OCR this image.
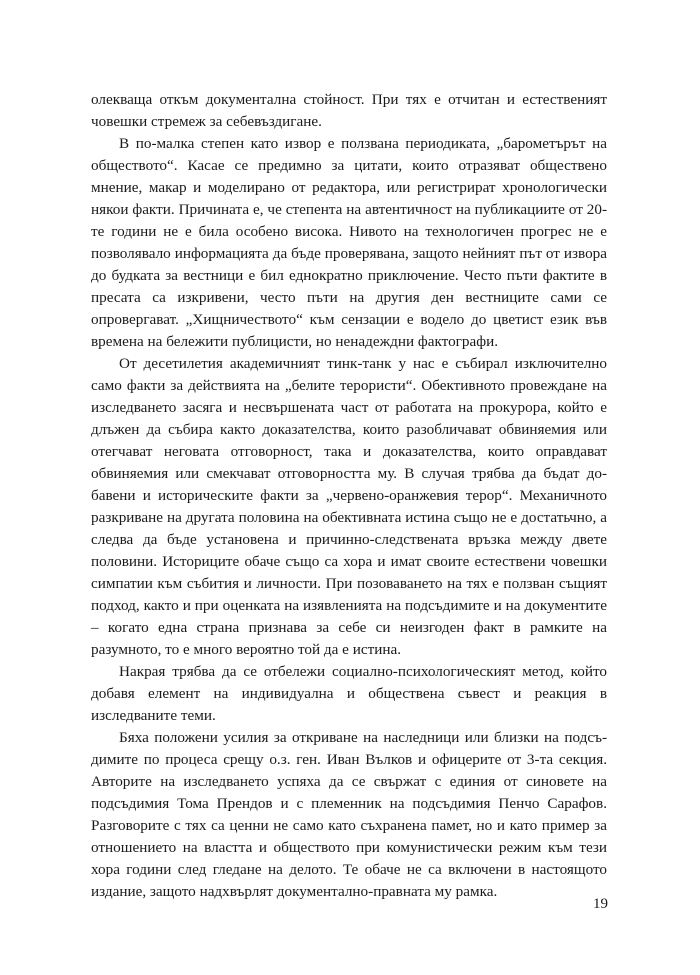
олекваща откъм документална стойност. При тях е отчитан и естественият човешки стремеж за себевъздигане.

В по-малка степен като извор е ползвана периодиката, „барометърът на обществото“. Касае се предимно за цитати, които отразяват обществено мнение, макар и моделирано от редактора, или регистрират хронологически някои факти. Причината е, че степента на автентичност на публикациите от 20-те години не е била особено висока. Нивото на технологичен прогрес не е позволявало информацията да бъде проверявана, защото нейният път от извора до будката за вестници е бил еднократно приключение. Често пъти фактите в пресата са изкривени, често пъти на другия ден вестниците сами се опровергават. „Хищничеството“ към сензации е водело до цветист език във времена на бележити публицисти, но ненадеждни фактографи.

От десетилетия академичният тинк-танк у нас е събирал изключително само факти за действията на „белите терористи“. Обективното провеждане на изследването засяга и несвършената част от работата на прокурора, който е длъжен да събира както доказателства, които разобличават обвиняемия или отегчават неговата отговорност, така и доказателства, които оправдават обвиняемия или смекчават отговорността му. В случая трябва да бъдат добавени и историческите факти за „червено-оранжевия терор“. Механичното разкриване на другата половина на обективната истина също не е достатьчно, а следва да бъде установена и причинно-следствената връзка между двете половини. Историците обаче също са хора и имат своите естествени човешки симпатии към събития и личности. При позоваването на тях е ползван същият подход, както и при оценката на изявленията на подсъдимите и на документите – когато една страна признава за себе си неизгоден факт в рамките на разумното, то е много вероятно той да е истина.

Накрая трябва да се отбележи социално-психологическият метод, който добавя елемент на индивидуална и обществена съвест и реакция в изследваните теми.

Бяха положени усилия за откриване на наследници или близки на подсъдимите по процеса срещу о.з. ген. Иван Вълков и офицерите от 3-та секция. Авторите на изследването успяха да се свържат с единия от синовете на подсъдимия Тома Прендов и с племенник на подсъдимия Пенчо Сарафов. Разговорите с тях са ценни не само като съхранена памет, но и като пример за отношението на властта и обществото при комунистически режим към тези хора години след гледане на делото. Те обаче не са включени в настоящото издание, защото надхвърлят документално-правната му рамка.

19
